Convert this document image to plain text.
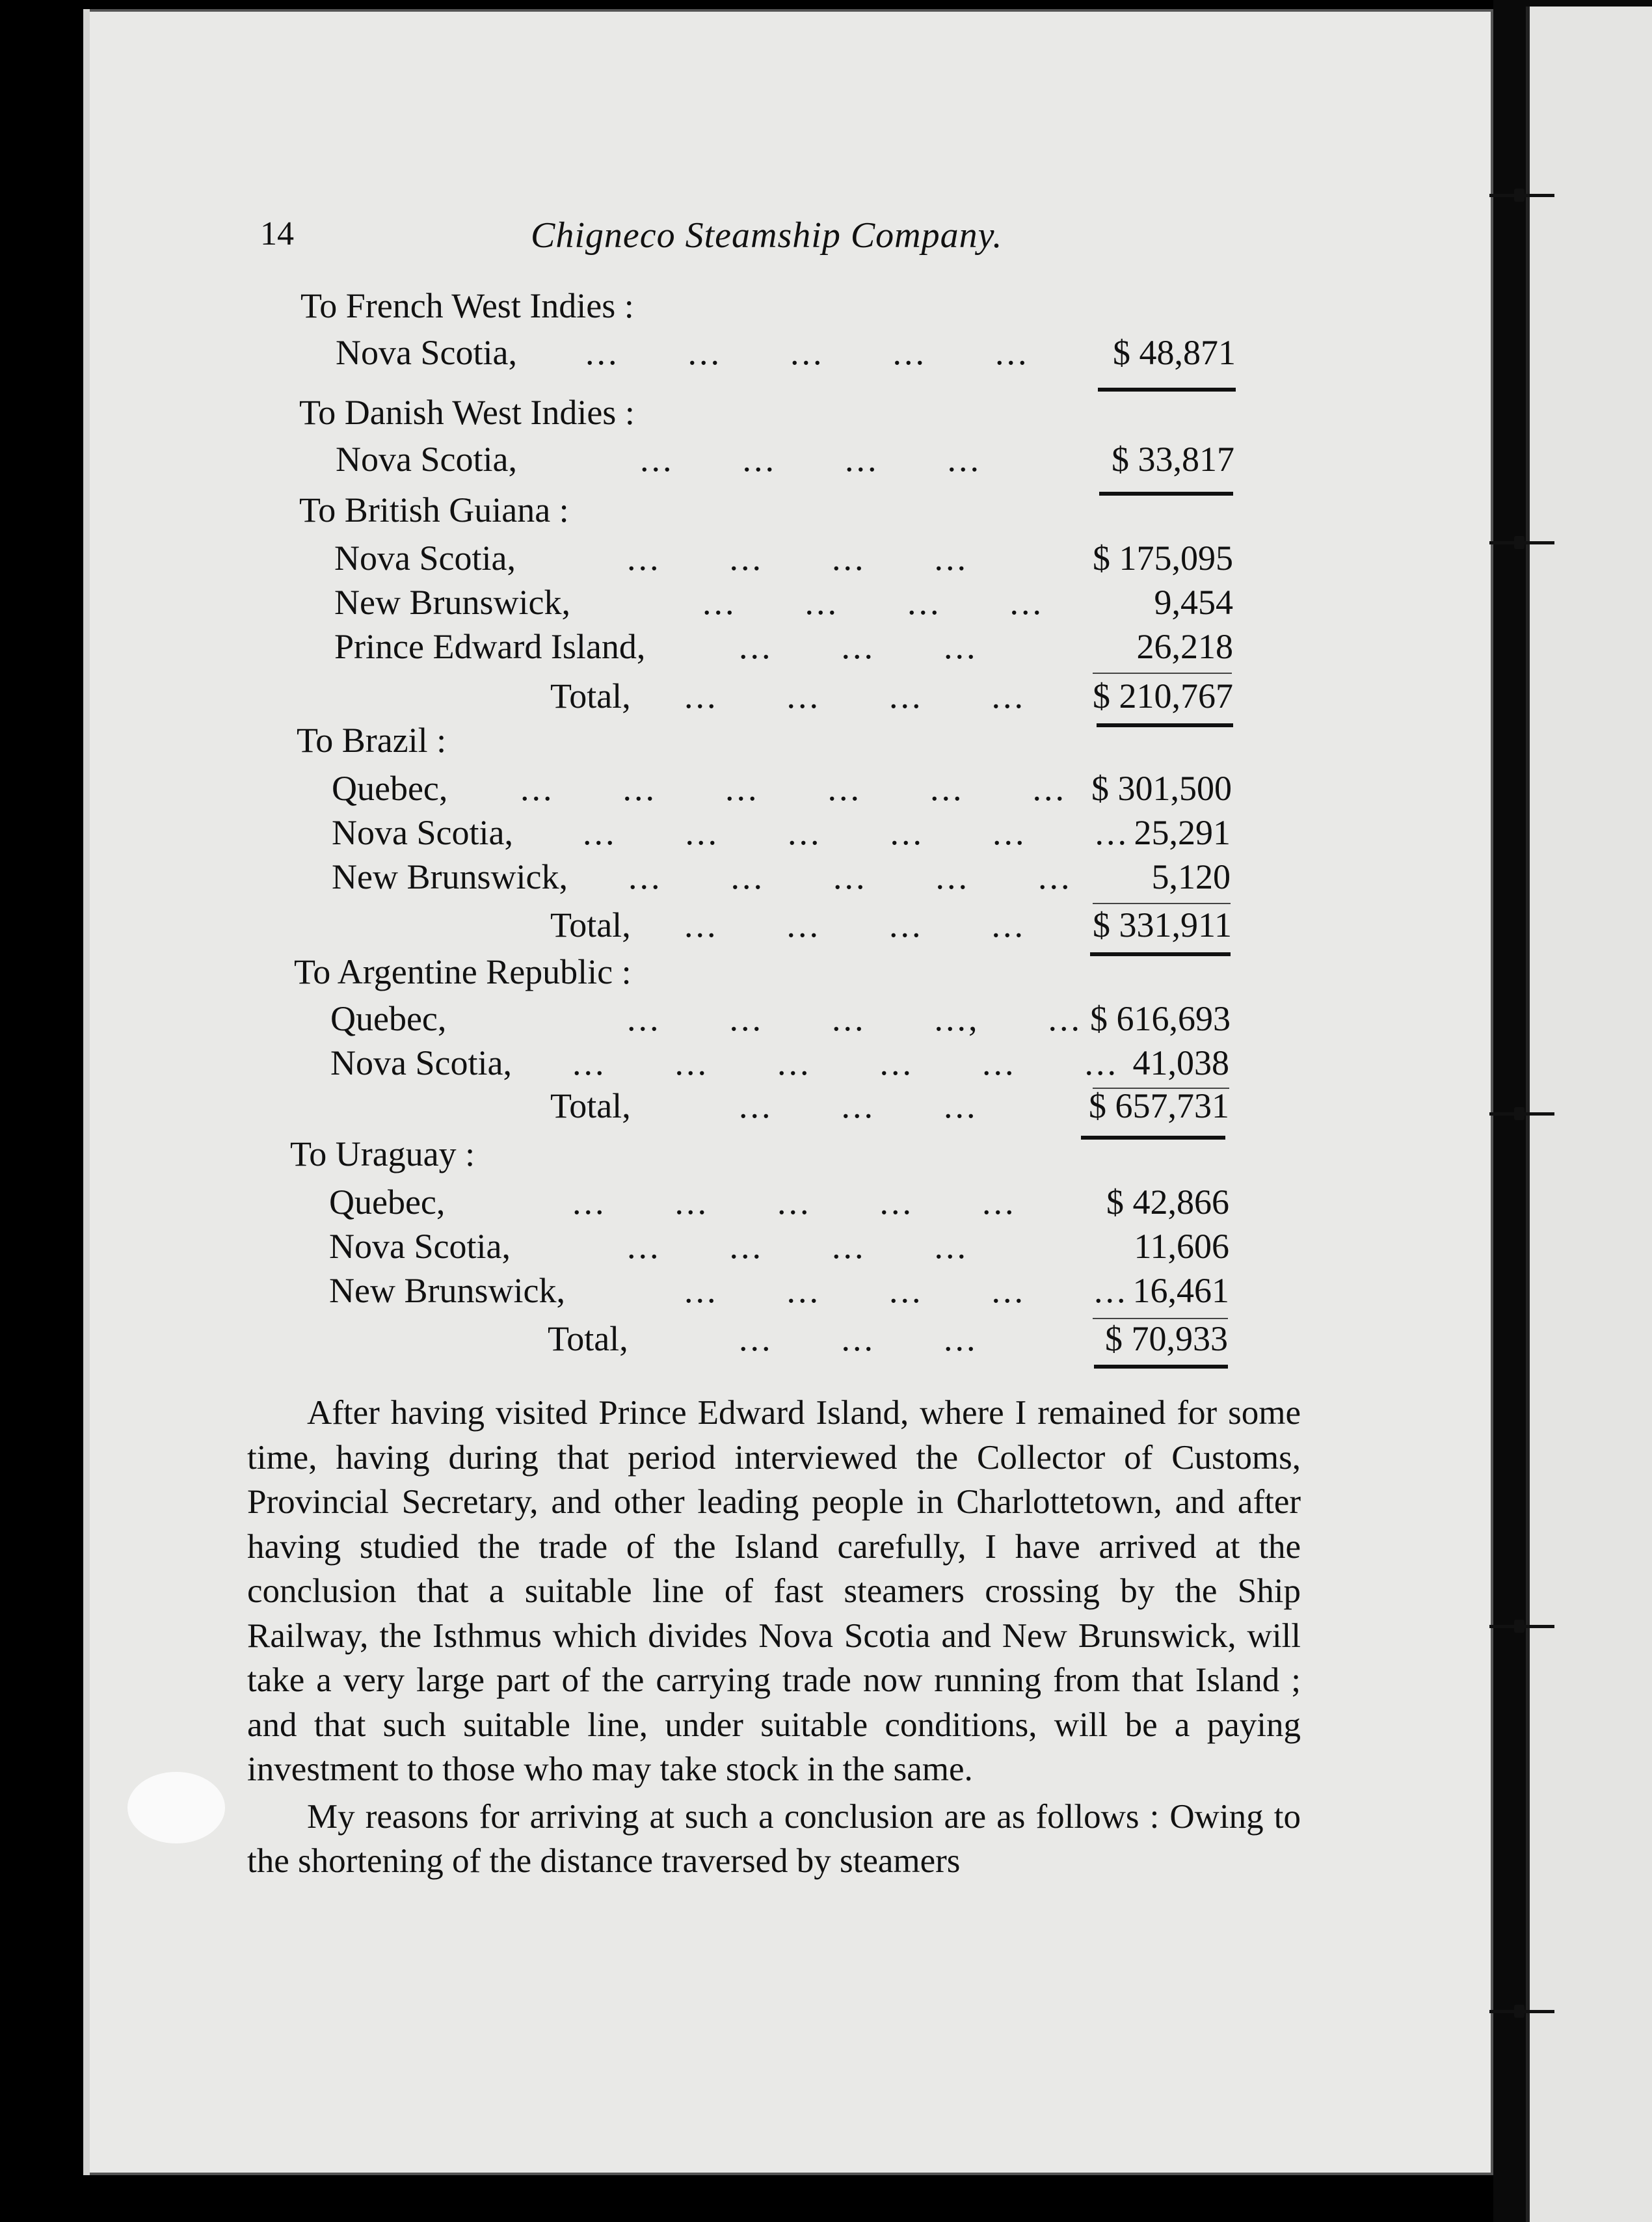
14	Chigneco Steamship Company.
To French West Indies :
Nova Scotia, ...      ...      ...      ...      ...	$ 48,871
To Danish West Indies :
Nova Scotia,	...      ...      ...      ...	$ 33,817
To British Guiana :
Nova Scotia,	...      ...      ...      ...	$ 175,095
New Brunswick,	...      ...      ...      ...	9,454
Prince Edward Island,	...      ...      ...	26,218
Total, ...      ...      ...      ...	$ 210,767
To Brazil :
Quebec, ...      ...      ...      ...      ...      ... $ 301,500
Nova Scotia, ...      ...      ...      ...      ...      ... 25,291
New Brunswick, ...      ...      ...      ...      ...	5,120
Total, ...      ...      ...      ...	$ 331,911
To Argentine Republic :
Quebec,	...      ...      ...      ...,      ... $ 616,693
Nova Scotia, ...      ...      ...      ...      ...      ... 41,038
Total,	...      ...      ...	$ 657,731
To Uraguay :
Quebec,	...      ...      ...      ...      ...	$ 42,866
Nova Scotia,	...      ...      ...      ...	11,606
New Brunswick,	...      ...      ...      ...      ... 16,461
Total,	...      ...      ...	$ 70,933

After having visited Prince Edward Island, where I remained for some time, having during that period interviewed the Collector of Customs, Provincial Secretary, and other leading people in Charlottetown, and after having studied the trade of the Island carefully, I have arrived at the conclusion that a suitable line of fast steamers crossing by the Ship Railway, the Isthmus which divides Nova Scotia and New Brunswick, will take a very large part of the carrying trade now running from that Island ; and that such suitable line, under suitable conditions, will be a paying investment to those who may take stock in the same.

My reasons for arriving at such a conclusion are as follows : Owing to the shortening of the distance traversed by steamers
